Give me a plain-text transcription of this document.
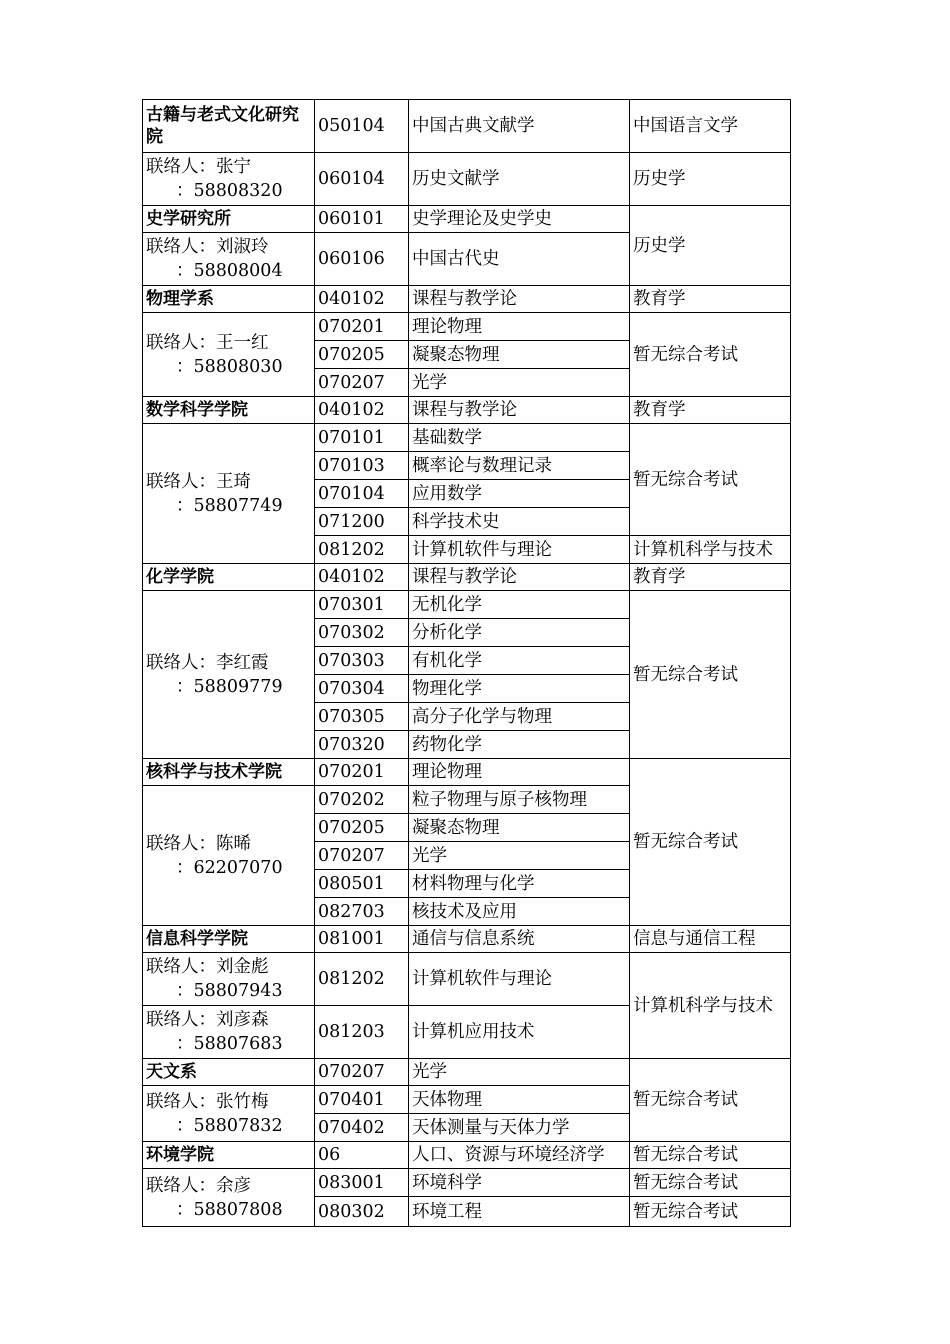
古籍与老式文化研究院	050104	中国古典文献学	中国语言文学

联络人：张宁
：58808320	060104	历史文献学	历史学
史学研究所	060101	史学理论及史学史	历史学

联络人：刘淑玲
：58808004	060106	中国古代史	
物理学系	040102	课程与教学论	教育学

联络人：王一红
：58808030	070201	理论物理	暂无综合考试
	070205	凝聚态物理	
	070207	光学	
数学科学学院	040102	课程与教学论	教育学

联络人：王琦
：58807749	070101	基础数学	暂无综合考试
	070103	概率论与数理记录	
	070104	应用数学	
	071200	科学技术史	
	081202	计算机软件与理论	计算机科学与技术
化学学院	040102	课程与教学论	教育学

联络人：李红霞
：58809779	070301	无机化学	暂无综合考试
	070302	分析化学	
	070303	有机化学	
	070304	物理化学	
	070305	高分子化学与物理	
	070320	药物化学	
核科学与技术学院	070201	理论物理	暂无综合考试

联络人：陈晞
：62207070	070202	粒子物理与原子核物理	
	070205	凝聚态物理	
	070207	光学	
	080501	材料物理与化学	
	082703	核技术及应用	
信息科学学院	081001	通信与信息系统	信息与通信工程

联络人：刘金彪
：58807943	081202	计算机软件与理论	计算机科学与技术

联络人：刘彦森
：58807683	081203	计算机应用技术	
天文系	070207	光学	暂无综合考试

联络人：张竹梅
：58807832	070401	天体物理	
	070402	天体测量与天体力学	
环境学院	06	人口、资源与环境经济学	暂无综合考试

联络人：余彦
：58807808	083001	环境科学	暂无综合考试
	080302	环境工程	暂无综合考试
